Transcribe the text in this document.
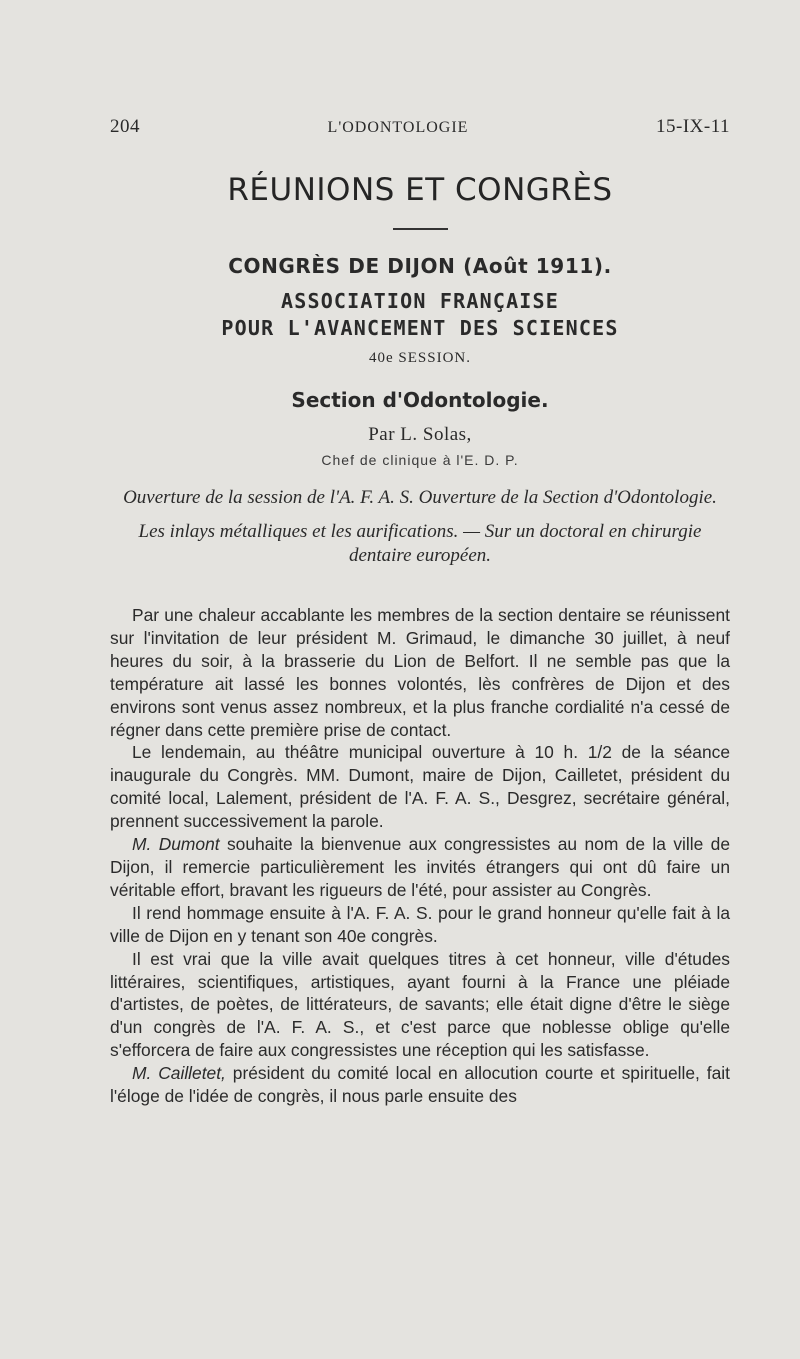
204	L'ODONTOLOGIE	15-IX-11
RÉUNIONS ET CONGRÈS
CONGRÈS DE DIJON (Août 1911).
ASSOCIATION FRANÇAISE
POUR L'AVANCEMENT DES SCIENCES
40e SESSION.
Section d'Odontologie.
Par L. Solas,
Chef de clinique à l'E. D. P.

Ouverture de la session de l'A. F. A. S. Ouverture de la Section d'Odontologie.

Les inlays métalliques et les aurifications. — Sur un doctoral en chirurgie dentaire européen.

Par une chaleur accablante les membres de la section dentaire se réunissent sur l'invitation de leur président M. Grimaud, le dimanche 30 juillet, à neuf heures du soir, à la brasserie du Lion de Belfort. Il ne semble pas que la température ait lassé les bonnes volontés, lès confrères de Dijon et des environs sont venus assez nombreux, et la plus franche cordialité n'a cessé de régner dans cette première prise de contact.

Le lendemain, au théâtre municipal ouverture à 10 h. 1/2 de la séance inaugurale du Congrès. MM. Dumont, maire de Dijon, Cailletet, président du comité local, Lalement, président de l'A. F. A. S., Desgrez, secrétaire général, prennent successivement la parole.

M. Dumont souhaite la bienvenue aux congressistes au nom de la ville de Dijon, il remercie particulièrement les invités étrangers qui ont dû faire un véritable effort, bravant les rigueurs de l'été, pour assister au Congrès.

Il rend hommage ensuite à l'A. F. A. S. pour le grand honneur qu'elle fait à la ville de Dijon en y tenant son 40e congrès.

Il est vrai que la ville avait quelques titres à cet honneur, ville d'études littéraires, scientifiques, artistiques, ayant fourni à la France une pléiade d'artistes, de poètes, de littérateurs, de savants; elle était digne d'être le siège d'un congrès de l'A. F. A. S., et c'est parce que noblesse oblige qu'elle s'efforcera de faire aux congressistes une réception qui les satisfasse.

M. Cailletet, président du comité local en allocution courte et spirituelle, fait l'éloge de l'idée de congrès, il nous parle ensuite des
